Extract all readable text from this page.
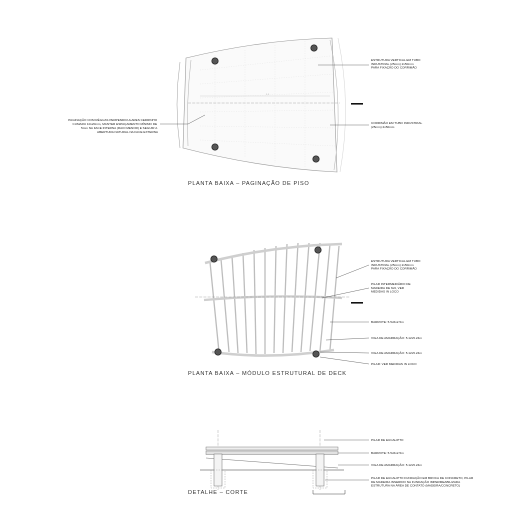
1.1
ESTRUTURA VERTICAL EM TUBO INDUSTRIAL (25mm) 2x50mm PARA FIXAÇÃO DO CORRIMÃO
CORRIMÃO EM TUBO INDUSTRIAL (25mm) 2x50mm
PAGINAÇÃO COM RÉGUAS PERPENDICULARES CEDRINHO CUMARU 10x20mm, MANTER ESPAÇAMENTO MÍNIMO DE 5mm NA FACE INTERNA (RAIO MENOR) E SEGUIR A ABERTURA NATURAL NA FACE EXTERNA
PLANTA BAIXA – PAGINAÇÃO DE PISO
ESTRUTURA VERTICAL EM TUBO INDUSTRIAL (25mm) 2x50mm PARA FIXAÇÃO DO CORRIMÃO
PILAR INTERMEDIÁRIO DE MADEIRA DE 6x6, VER MEDIDAS IN LOCO
BARROTE: 5.5x6x2.5m
VIGA DE AMARRAÇÃO: 5.12x5.24m
VIGA DE AMARRAÇÃO: 5.12x5.24m
PILAR: VER MEDIDAS IN LOCO
PLANTA BAIXA – MÓDULO ESTRUTURAL DE DECK
PILAR DE EUCALIPTO
BARROTE: 5.5x6x2.5m
VIGA DE AMARRAÇÃO: 5.12x5.24m
PILAR DE EUCALIPTO FUNDAÇÃO EM BROCA DE CONCRETO, PILAR DE MADEIRA INSERIDO NA FUNDAÇÃO IMPERMEABILIZADA ESTRUTURA NA ÁREA DE CONTATO (MADEIRA/CONCRETO)
DETALHE – CORTE
